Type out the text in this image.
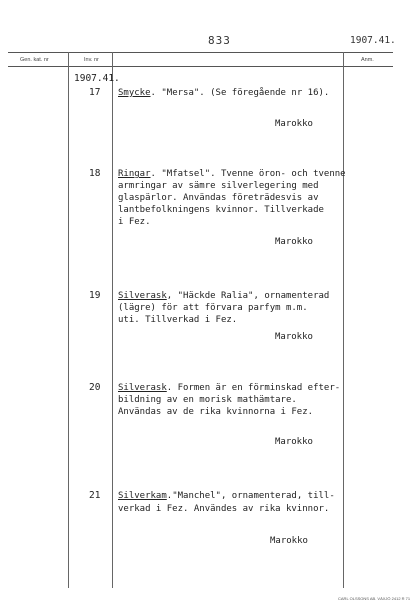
833	1907.41.
Gen. kat. nr	Inv. nr	Anm.
1907.41.
17 Smycke. "Mersa". (Se föregående nr 16).
Marokko
18 Ringar. "Mfatsel". Tvenne öron- och tvenne
armringar av sämre silverlegering med
glaspärlor. Användas företrädesvis av
lantbefolkningens kvinnor. Tillverkade
i Fez.
Marokko
19 Silverask, "Häckde Ralia", ornamenterad
(lägre) för att förvara parfym m.m.
uti. Tillverkad i Fez.
Marokko
20 Silverask. Formen är en förminskad efter-
bildning av en morisk mathämtare.
Användas av de rika kvinnorna i Fez.
Marokko
21 Silverkam."Manchel", ornamenterad, till-
verkad i Fez. Användes av rika kvinnor.
Marokko
CARL OLSSONS AB. VÄXJÖ 2412 R 71
